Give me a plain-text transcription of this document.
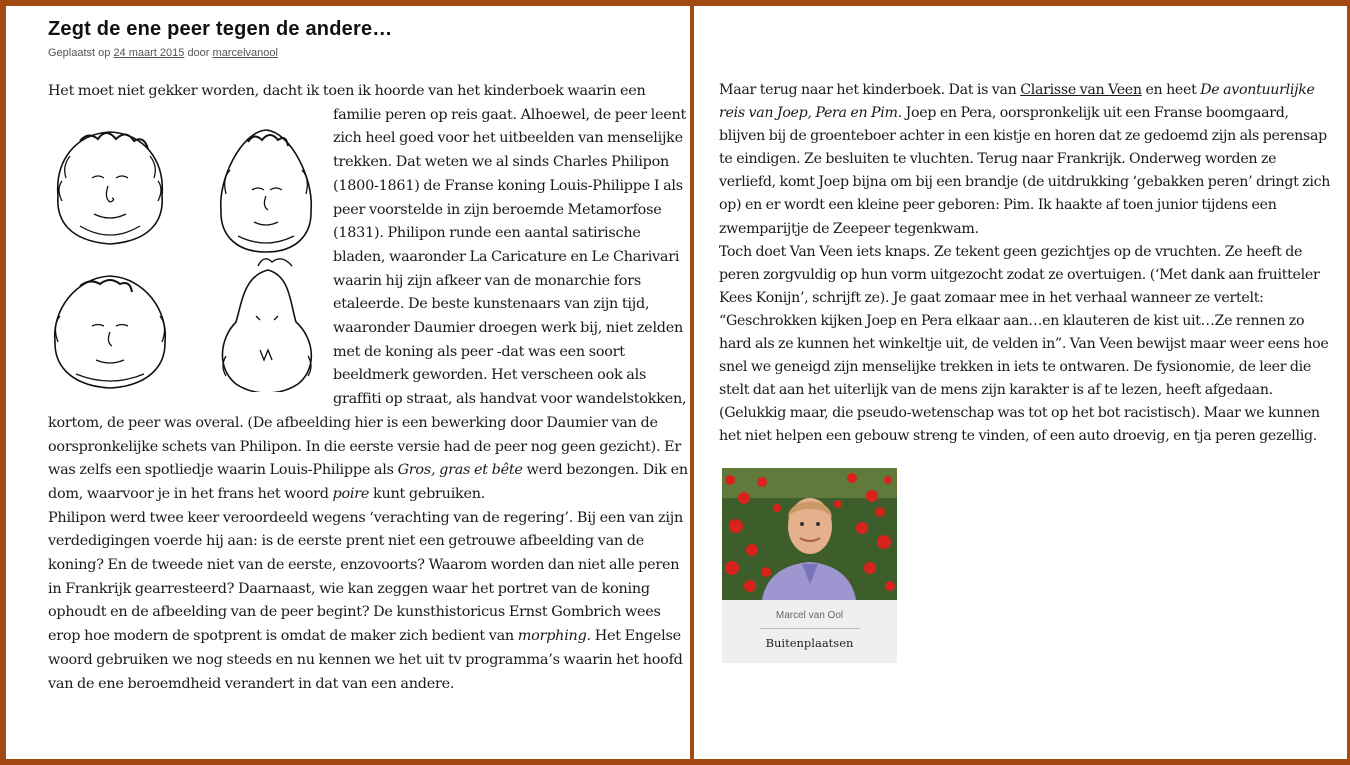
Zegt de ene peer tegen de andere…
Geplaatst op 24 maart 2015 door marcelvanool

Het moet niet gekker worden, dacht ik toen ik hoorde van het kinderboek waarin een familie peren op reis gaat. Alhoewel, de peer leent zich heel goed voor het uitbeelden van menselijke trekken. Dat weten we al sinds Charles Philipon (1800-1861) de Franse koning Louis-Philippe I als peer voorstelde in zijn beroemde Metamorfose (1831). Philipon runde een aantal satirische bladen, waaronder La Caricature en Le Charivari waarin hij zijn afkeer van de monarchie fors etaleerde. De beste kunstenaars van zijn tijd, waaronder Daumier droegen werk bij, niet zelden met de koning als peer -dat was een soort beeldmerk geworden. Het verscheen ook als graffiti op straat, als handvat voor wandelstokken, kortom, de peer was overal. (De afbeelding hier is een bewerking door Daumier van de oorspronkelijke schets van Philipon. In die eerste versie had de peer nog geen gezicht). Er was zelfs een spotliedje waarin Louis-Philippe als Gros, gras et bête werd bezongen. Dik en dom, waarvoor je in het frans het woord poire kunt gebruiken.

Philipon werd twee keer veroordeeld wegens ‘verachting van de regering’. Bij een van zijn verdedigingen voerde hij aan: is de eerste prent niet een getrouwe afbeelding van de koning? En de tweede niet van de eerste, enzovoorts? Waarom worden dan niet alle peren in Frankrijk gearresteerd? Daarnaast, wie kan zeggen waar het portret van de koning ophoudt en de afbeelding van de peer begint? De kunsthistoricus Ernst Gombrich wees erop hoe modern de spotprent is omdat de maker zich bedient van morphing. Het Engelse woord gebruiken we nog steeds en nu kennen we het uit tv programma’s waarin het hoofd van de ene beroemdheid verandert in dat van een andere.

Maar terug naar het kinderboek. Dat is van Clarisse van Veen en heet De avontuurlijke reis van Joep, Pera en Pim. Joep en Pera, oorspronkelijk uit een Franse boomgaard, blijven bij de groenteboer achter in een kistje en horen dat ze gedoemd zijn als perensap te eindigen. Ze besluiten te vluchten. Terug naar Frankrijk. Onderweg worden ze verliefd, komt Joep bijna om bij een brandje (de uitdrukking ‘gebakken peren’ dringt zich op) en er wordt een kleine peer geboren: Pim. Ik haakte af toen junior tijdens een zwemparijtje de Zeepeer tegenkwam.

Toch doet Van Veen iets knaps. Ze tekent geen gezichtjes op de vruchten. Ze heeft de peren zorgvuldig op hun vorm uitgezocht zodat ze overtuigen. (‘Met dank aan fruitteler Kees Konijn’, schrijft ze). Je gaat zomaar mee in het verhaal wanneer ze vertelt: “Geschrokken kijken Joep en Pera elkaar aan…en klauteren de kist uit…Ze rennen zo hard als ze kunnen het winkeltje uit, de velden in”. Van Veen bewijst maar weer eens hoe snel we geneigd zijn menselijke trekken in iets te ontwaren. De fysionomie, de leer die stelt dat aan het uiterlijk van de mens zijn karakter is af te lezen, heeft afgedaan. (Gelukkig maar, die pseudo-wetenschap was tot op het bot racistisch). Maar we kunnen het niet helpen een gebouw streng te vinden, of een auto droevig, en tja peren gezellig.

Marcel van Ool
Buitenplaatsen
